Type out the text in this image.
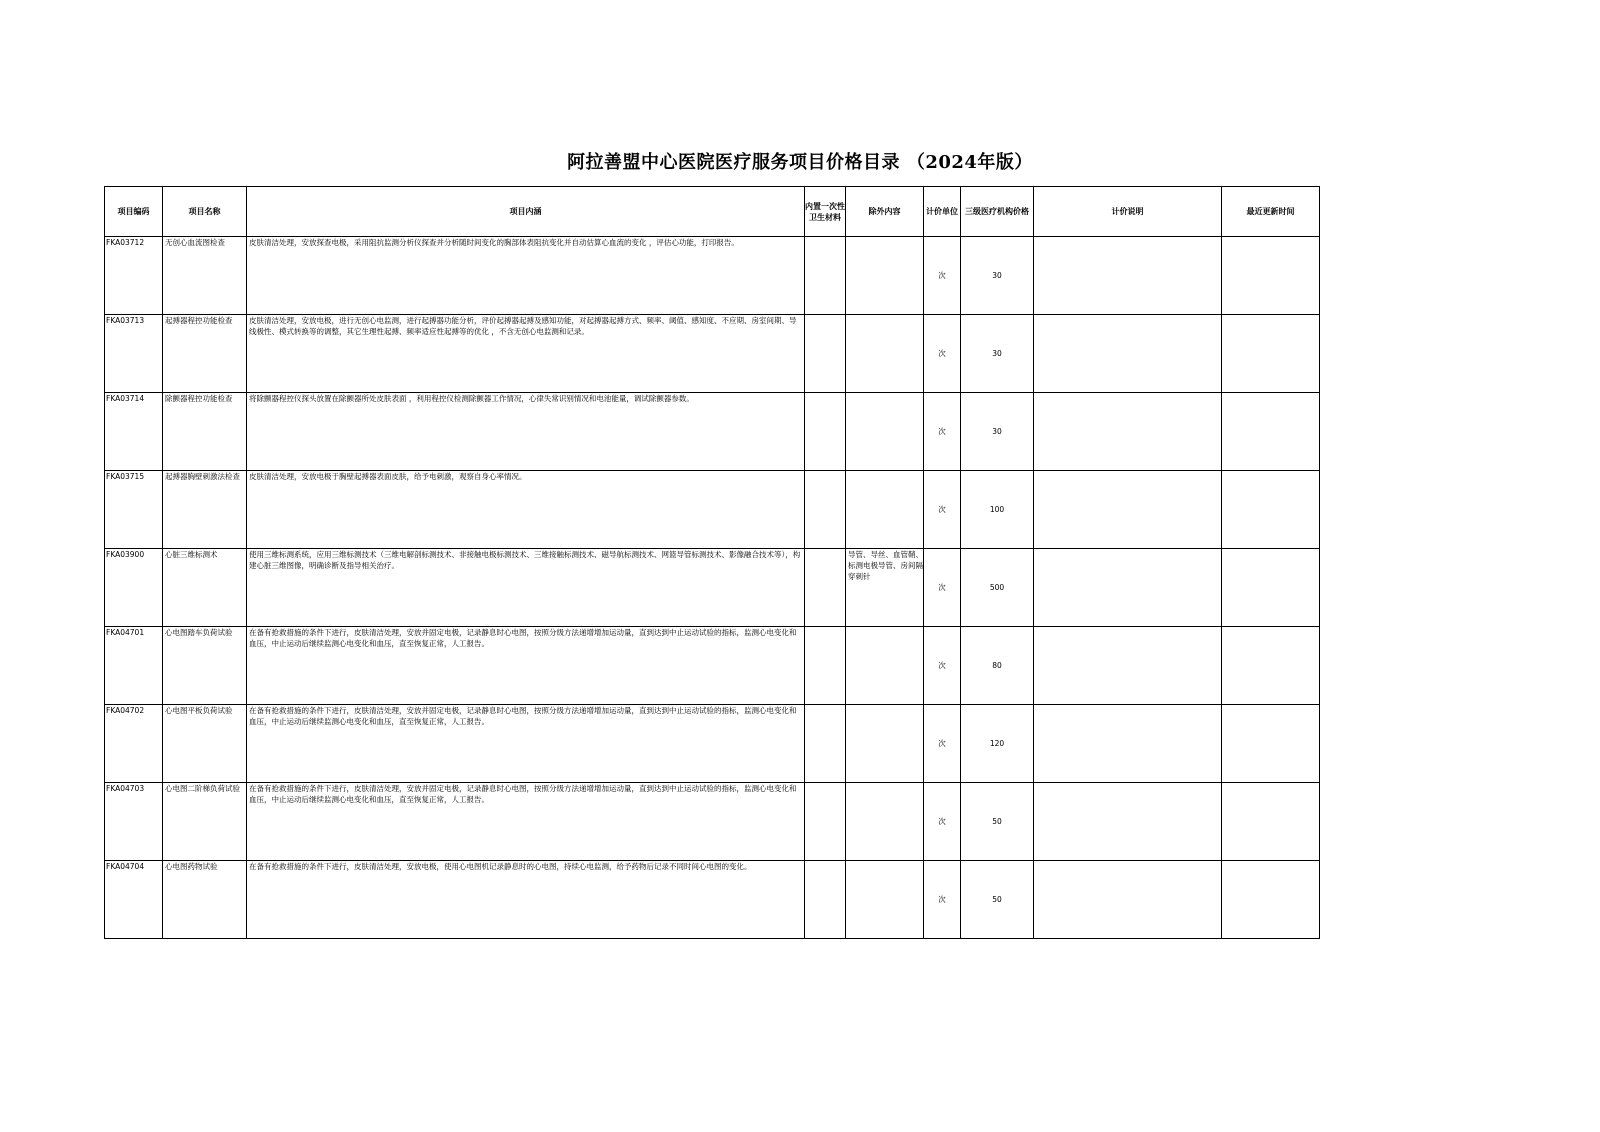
阿拉善盟中心医院医疗服务项目价格目录 （2024年版）
项目编码	项目名称	项目内涵	内置一次性卫生材料	除外内容	计价单位	三级医疗机构价格	计价说明	最近更新时间
FKA03712	无创心血流图检查	皮肤清洁处理，安放探查电极，采用阻抗监测分析仪探查并分析随时间变化的胸部体表阻抗变化并自动估算心血流的变化 ，评估心功能，打印报告。			次	30		
FKA03713	起搏器程控功能检查	皮肤清洁处理，安放电极，进行无创心电监测，进行起搏器功能分析，评价起搏器起搏及感知功能，对起搏器起搏方式、频率、阈值、感知度、不应期、房室间期、导线极性、模式转换等的调整，其它生理性起搏、频率适应性起搏等的优化 ，不含无创心电监测和记录。			次	30		
FKA03714	除颤器程控功能检查	将除颤器程控仪探头放置在除颤器所处皮肤表面 ，利用程控仪检测除颤器工作情况，心律失常识别情况和电池能量，调试除颤器参数。			次	30		
FKA03715	起搏器胸壁刺激法检查	皮肤清洁处理，安放电极于胸壁起搏器表面皮肤，给予电刺激，观察自身心率情况。			次	100		
FKA03900	心脏三维标测术	使用三维标测系统，应用三维标测技术（三维电解剖标测技术、非接触电极标测技术、三维接触标测技术、磁导航标测技术、网篮导管标测技术、影像融合技术等），构建心脏三维图像，明确诊断及指导相关治疗。		导管、导丝、血管鞘、标测电极导管、房间隔穿刺针	次	500		
FKA04701	心电图踏车负荷试验	在备有抢救措施的条件下进行，皮肤清洁处理，安放并固定电极，记录静息时心电图，按照分级方法递增增加运动量，直到达到中止运动试验的指标，监测心电变化和血压，中止运动后继续监测心电变化和血压，直至恢复正常，人工报告。			次	80		
FKA04702	心电图平板负荷试验	在备有抢救措施的条件下进行，皮肤清洁处理，安放并固定电极，记录静息时心电图，按照分级方法递增增加运动量，直到达到中止运动试验的指标，监测心电变化和血压，中止运动后继续监测心电变化和血压，直至恢复正常，人工报告。			次	120		
FKA04703	心电图二阶梯负荷试验	在备有抢救措施的条件下进行，皮肤清洁处理，安放并固定电极，记录静息时心电图，按照分级方法递增增加运动量，直到达到中止运动试验的指标，监测心电变化和血压，中止运动后继续监测心电变化和血压，直至恢复正常，人工报告。			次	50		
FKA04704	心电图药物试验	在备有抢救措施的条件下进行，皮肤清洁处理，安放电极，使用心电图机记录静息时的心电图，持续心电监测，给予药物后记录不同时间心电图的变化。			次	50		
